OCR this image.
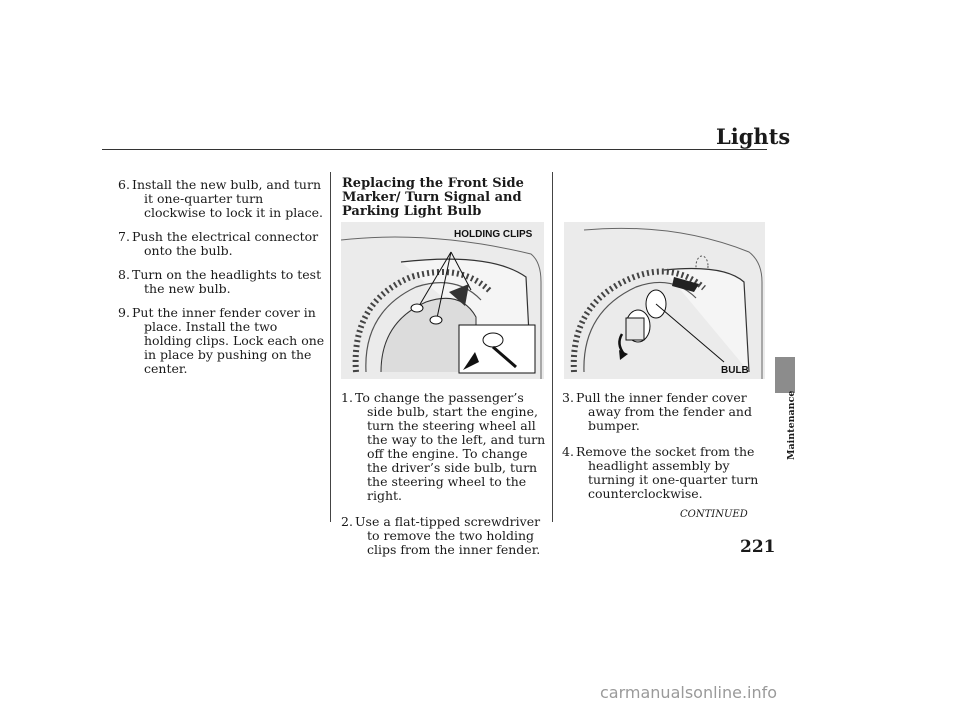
Lights
6. Install the new bulb, and turn it one-quarter turn clockwise to lock it in place.
7. Push the electrical connector onto the bulb.
8. Turn on the headlights to test the new bulb.
9. Put the inner fender cover in place. Install the two holding clips. Lock each one in place by pushing on the center.
Replacing the Front Side Marker/ Turn Signal and Parking Light Bulb
HOLDING CLIPS
BULB
1. To change the passenger’s side bulb, start the engine, turn the steering wheel all the way to the left, and turn off the engine. To change the driver’s side bulb, turn the steering wheel to the right.
2. Use a flat-tipped screwdriver to remove the two holding clips from the inner fender.
3. Pull the inner fender cover away from the fender and bumper.
4. Remove the socket from the headlight assembly by turning it one-quarter turn counterclockwise.
CONTINUED
221
Maintenance
carmanualsonline.info
